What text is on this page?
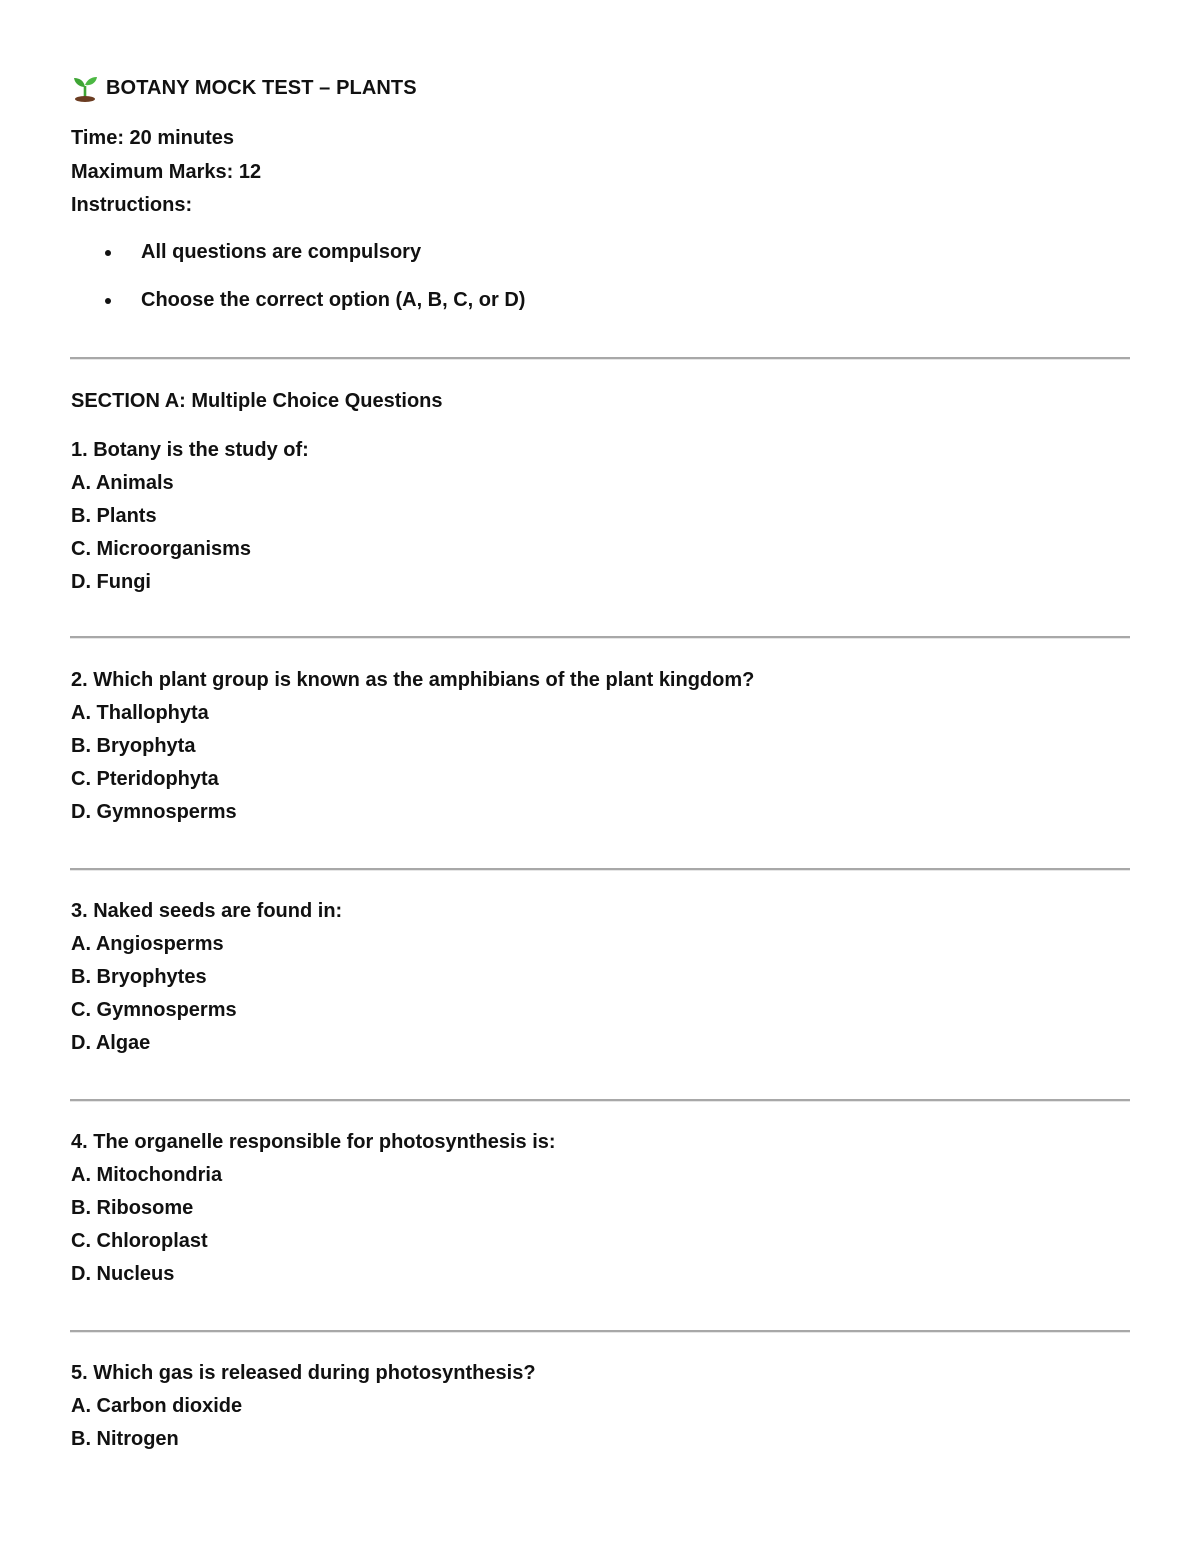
BOTANY MOCK TEST – PLANTS
Time: 20 minutes
Maximum Marks: 12
Instructions:
All questions are compulsory
Choose the correct option (A, B, C, or D)
SECTION A: Multiple Choice Questions
1. Botany is the study of:
A. Animals
B. Plants
C. Microorganisms
D. Fungi
2. Which plant group is known as the amphibians of the plant kingdom?
A. Thallophyta
B. Bryophyta
C. Pteridophyta
D. Gymnosperms
3. Naked seeds are found in:
A. Angiosperms
B. Bryophytes
C. Gymnosperms
D. Algae
4. The organelle responsible for photosynthesis is:
A. Mitochondria
B. Ribosome
C. Chloroplast
D. Nucleus
5. Which gas is released during photosynthesis?
A. Carbon dioxide
B. Nitrogen
